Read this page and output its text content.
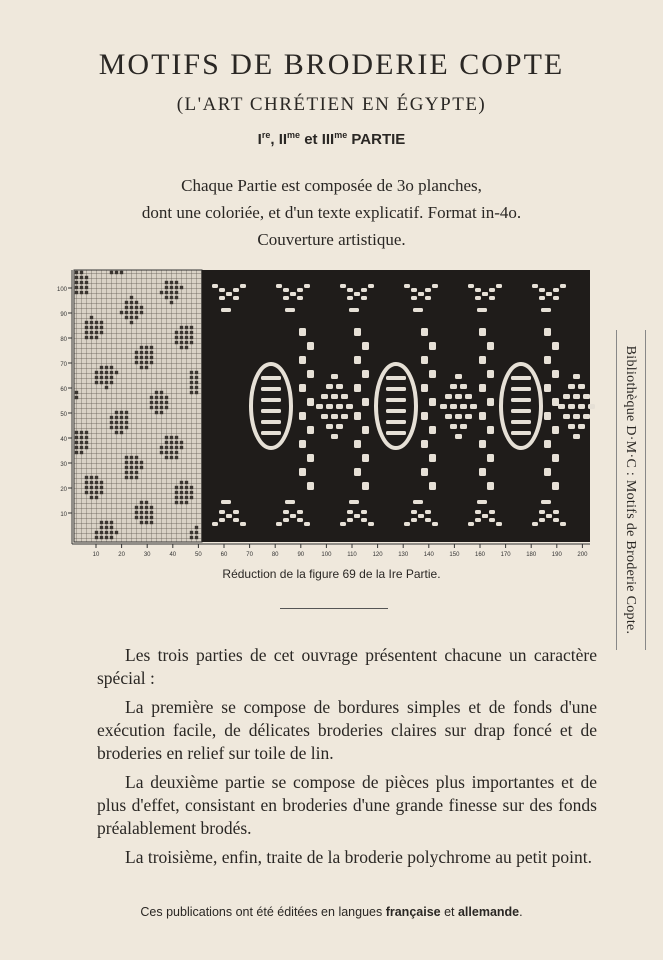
MOTIFS DE BRODERIE COPTE
(L'ART CHRÉTIEN EN ÉGYPTE)
Ire, $II^{me}$ et $III^{me}$ PARTIE
Chaque Partie est composée de 3o planches,
dont une coloriée, et d'un texte explicatif. Format in-4o.
Couverture artistique.
100
90
80
70
60
50
40
30
20
10
10	20	30	40	50	60	70	80	90	100	110	120	130	140	150	160	170	180	190	200
Réduction de la figure 69 de la Ire Partie.

Les trois parties de cet ouvrage présentent chacune un caractère spécial :

La première se compose de bordures simples et de fonds d'une exécution facile, de délicates broderies claires sur drap foncé et de broderies en relief sur toile de lin.

La deuxième partie se compose de pièces plus importantes et de plus d'effet, consistant en broderies d'une grande finesse sur des fonds préalablement brodés.

La troisième, enfin, traite de la broderie polychrome au petit point.

Ces publications ont été éditées en langues française et allemande.
Bibliothèque D·M·C : Motifs de Broderie Copte.
